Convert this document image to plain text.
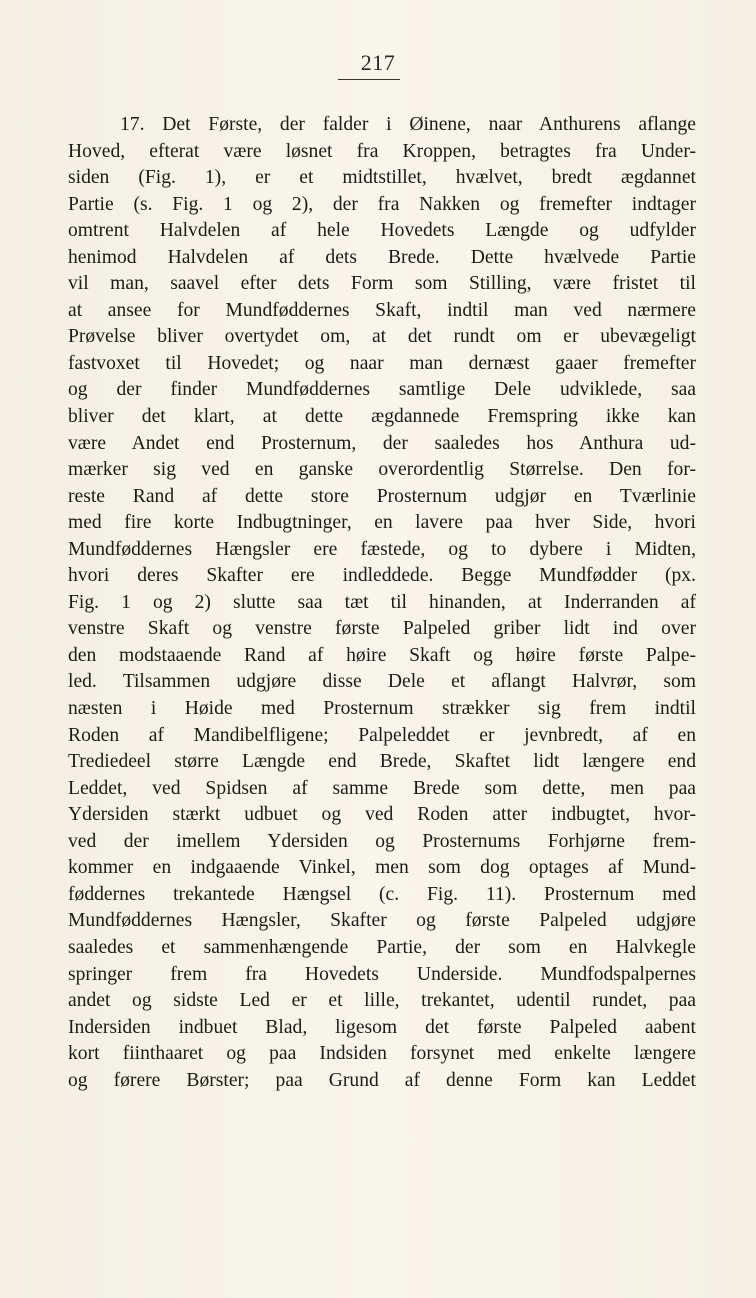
217
17. Det Første, der falder i Øinene, naar Anthurens aflange
Hoved, efterat være løsnet fra Kroppen, betragtes fra Under-
siden (Fig. 1), er et midtstillet, hvælvet, bredt ægdannet
Partie (s. Fig. 1 og 2), der fra Nakken og fremefter indtager
omtrent Halvdelen af hele Hovedets Længde og udfylder
henimod Halvdelen af dets Brede. Dette hvælvede Partie
vil man, saavel efter dets Form som Stilling, være fristet til
at ansee for Mundføddernes Skaft, indtil man ved nærmere
Prøvelse bliver overtydet om, at det rundt om er ubevægeligt
fastvoxet til Hovedet; og naar man dernæst gaaer fremefter
og der finder Mundføddernes samtlige Dele udviklede, saa
bliver det klart, at dette ægdannede Fremspring ikke kan
være Andet end Prosternum, der saaledes hos Anthura ud-
mærker sig ved en ganske overordentlig Størrelse. Den for-
reste Rand af dette store Prosternum udgjør en Tværlinie
med fire korte Indbugtninger, en lavere paa hver Side, hvori
Mundføddernes Hængsler ere fæstede, og to dybere i Midten,
hvori deres Skafter ere indleddede. Begge Mundfødder (px.
Fig. 1 og 2) slutte saa tæt til hinanden, at Inderranden af
venstre Skaft og venstre første Palpeled griber lidt ind over
den modstaaende Rand af høire Skaft og høire første Palpe-
led. Tilsammen udgjøre disse Dele et aflangt Halvrør, som
næsten i Høide med Prosternum strækker sig frem indtil
Roden af Mandibelfligene; Palpeleddet er jevnbredt, af en
Trediedeel større Længde end Brede, Skaftet lidt længere end
Leddet, ved Spidsen af samme Brede som dette, men paa
Ydersiden stærkt udbuet og ved Roden atter indbugtet, hvor-
ved der imellem Ydersiden og Prosternums Forhjørne frem-
kommer en indgaaende Vinkel, men som dog optages af Mund-
føddernes trekantede Hængsel (c. Fig. 11). Prosternum med
Mundføddernes Hængsler, Skafter og første Palpeled udgjøre
saaledes et sammenhængende Partie, der som en Halvkegle
springer frem fra Hovedets Underside. Mundfodspalpernes
andet og sidste Led er et lille, trekantet, udentil rundet, paa
Indersiden indbuet Blad, ligesom det første Palpeled aabent
kort fiinthaaret og paa Indsiden forsynet med enkelte længere
og førere Børster; paa Grund af denne Form kan Leddet
